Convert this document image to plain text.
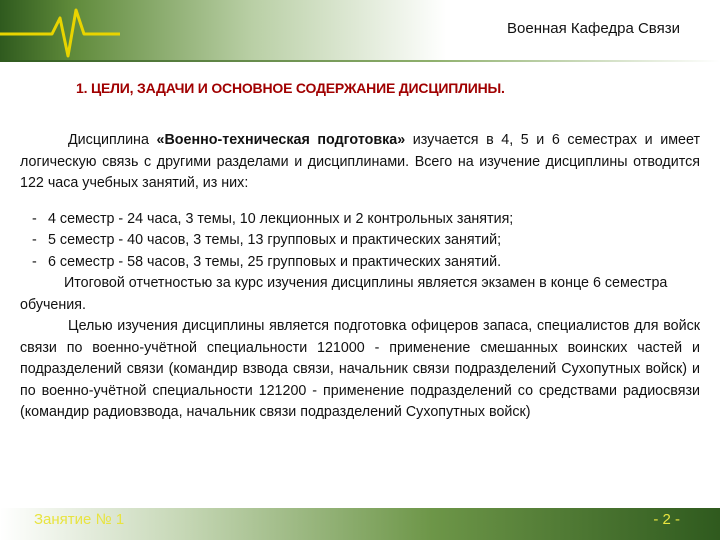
Военная Кафедра Связи
1. ЦЕЛИ, ЗАДАЧИ И ОСНОВНОЕ СОДЕРЖАНИЕ ДИСЦИПЛИНЫ.

Дисциплина «Военно-техническая подготовка» изучается в 4, 5 и 6 семестрах и имеет логическую связь с другими разделами и дисциплинами. Всего на изучение дисциплины отводится 122 часа учебных занятий, из них:

- 4 семестр - 24 часа, 3 темы, 10 лекционных и 2 контрольных занятия;
- 5 семестр - 40 часов, 3 темы, 13 групповых и практических занятий;
- 6 семестр - 58 часов, 3 темы, 25 групповых и практических занятий.

Итоговой отчетностью за курс изучения дисциплины является экзамен в конце 6 семестра обучения.

Целью изучения дисциплины является подготовка офицеров запаса, специалистов для войск связи по военно-учётной специальности 121000 - применение смешанных воинских частей и подразделений связи (командир взвода связи, начальник связи подразделений Сухопутных войск) и по военно-учётной специальности 121200 - применение подразделений со средствами радиосвязи (командир радиовзвода, начальник связи подразделений Сухопутных войск)

Занятие № 1	- 2 -
